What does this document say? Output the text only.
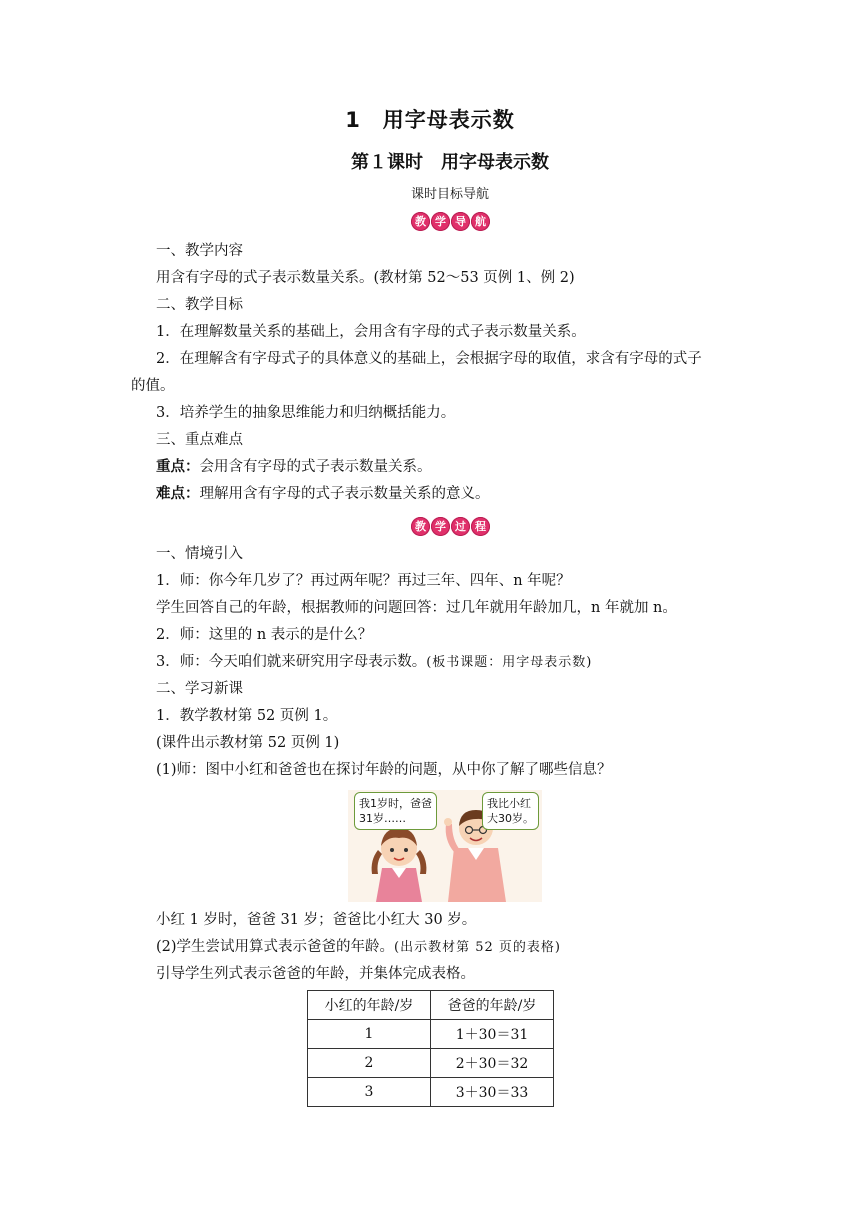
1　用字母表示数
第１课时　用字母表示数
课时目标导航
教 学 导 航
一、教学内容
用含有字母的式子表示数量关系。(教材第 52～53 页例 1、例 2)
二、教学目标
1．在理解数量关系的基础上，会用含有字母的式子表示数量关系。
2．在理解含有字母式子的具体意义的基础上，会根据字母的取值，求含有字母的式子
的值。
3．培养学生的抽象思维能力和归纳概括能力。
三、重点难点
重点：会用含有字母的式子表示数量关系。
难点：理解用含有字母的式子表示数量关系的意义。
教 学 过 程
一、情境引入
1．师：你今年几岁了？再过两年呢？再过三年、四年、n 年呢？
学生回答自己的年龄，根据教师的问题回答：过几年就用年龄加几，n 年就加 n。
2．师：这里的 n 表示的是什么？
3．师：今天咱们就来研究用字母表示数。(板书课题：用字母表示数)
二、学习新课
1．教学教材第 52 页例 1。
(课件出示教材第 52 页例 1)
(1)师：图中小红和爸爸也在探讨年龄的问题，从中你了解了哪些信息？
我1岁时，爸爸
31岁……
我比小红
大30岁。
小红 1 岁时，爸爸 31 岁；爸爸比小红大 30 岁。
(2)学生尝试用算式表示爸爸的年龄。(出示教材第 52 页的表格)
引导学生列式表示爸爸的年龄，并集体完成表格。
小红的年龄/岁	爸爸的年龄/岁
1	1＋30＝31
2	2＋30＝32
3	3＋30＝33
